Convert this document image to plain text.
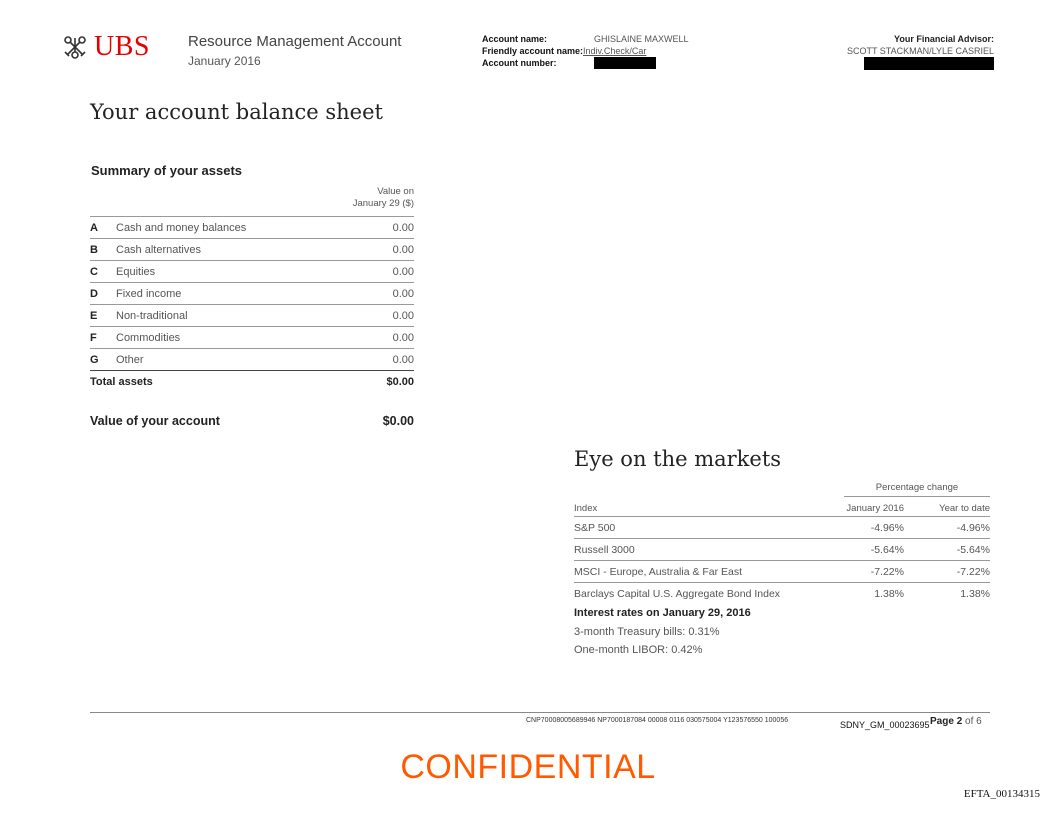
UBS	Resource Management Account
January 2016
Account name:	GHISLAINE MAXWELL
Friendly account name: Indiv.Check/Car
Account number:
Your Financial Advisor:
SCOTT STACKMAN/LYLE CASRIEL
Your account balance sheet
Summary of your assets
Value on
January 29 ($)
A	Cash and money balances	0.00
B	Cash alternatives	0.00
C	Equities	0.00
D	Fixed income	0.00
E	Non-traditional	0.00
F	Commodities	0.00
G	Other	0.00
Total assets		$0.00
Value of your account	$0.00
Eye on the markets
Percentage change
Index	January 2016	Year to date
S&P 500	-4.96%	-4.96%
Russell 3000	-5.64%	-5.64%
MSCI - Europe, Australia & Far East	-7.22%	-7.22%
Barclays Capital U.S. Aggregate Bond Index	1.38%	1.38%
Interest rates on January 29, 2016
3-month Treasury bills: 0.31%
One-month LIBOR: 0.42%
CNP70008005689946 NP7000187084 00008 0116 030575004 Y123576550 100056	SDNY_GM_00023695 Page 2 of 6
CONFIDENTIAL
EFTA_00134315
